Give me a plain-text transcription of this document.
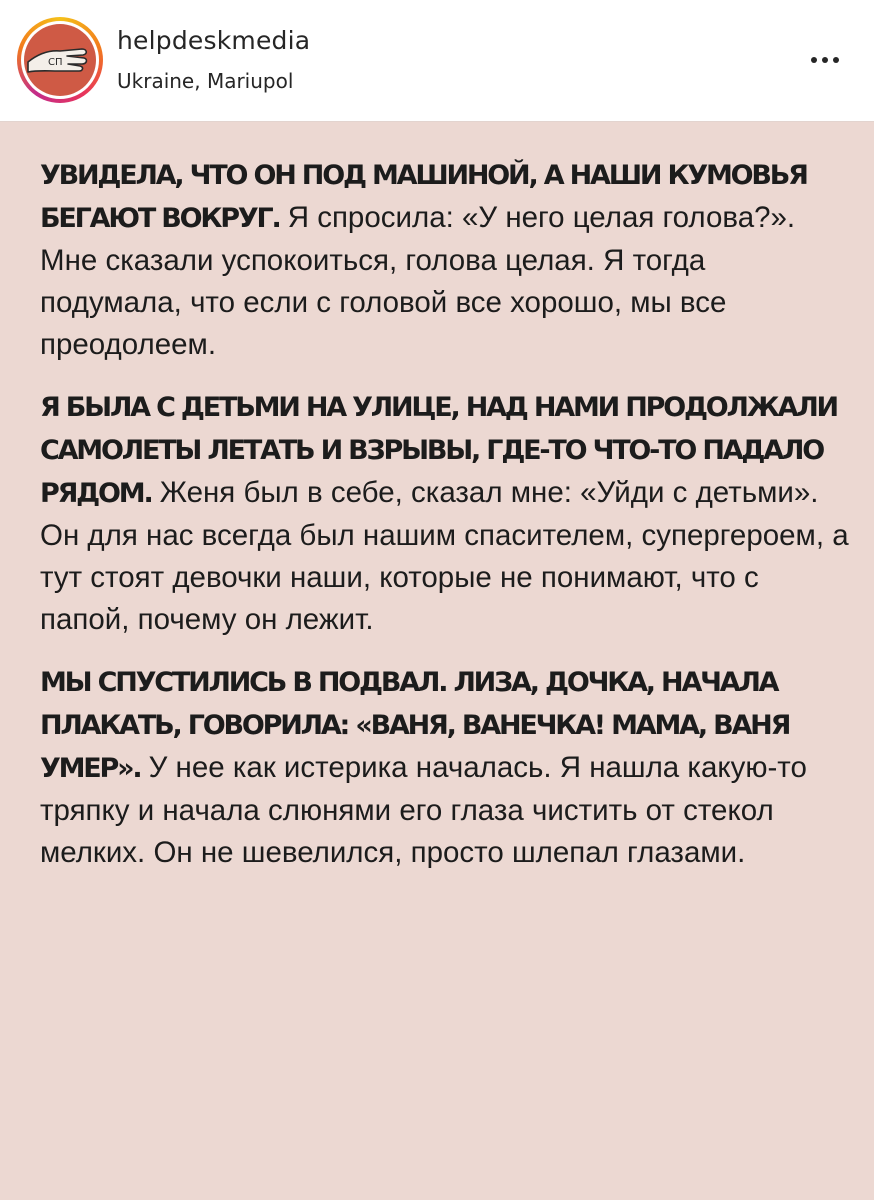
СП
helpdeskmedia
Ukraine, Mariupol

УВИДЕЛА, ЧТО ОН ПОД МАШИНОЙ, А НАШИ КУМОВЬЯ БЕГАЮТ ВОКРУГ. Я спросила: «У него целая голова?». Мне сказали успокоиться, голова целая. Я тогда подумала, что если с головой все хорошо, мы все преодолеем.

Я БЫЛА С ДЕТЬМИ НА УЛИЦЕ, НАД НАМИ ПРОДОЛЖАЛИ САМОЛЕТЫ ЛЕТАТЬ И ВЗРЫВЫ, ГДЕ-ТО ЧТО-ТО ПАДАЛО РЯДОМ. Женя был в себе, сказал мне: «Уйди с детьми». Он для нас всегда был нашим спасителем, супергероем, а тут стоят девочки наши, которые не понимают, что с папой, почему он лежит.

МЫ СПУСТИЛИСЬ В ПОДВАЛ. ЛИЗА, ДОЧКА, НАЧАЛА ПЛАКАТЬ, ГОВОРИЛА: «ВАНЯ, ВАНЕЧКА! МАМА, ВАНЯ УМЕР». У нее как истерика началась. Я нашла какую-то тряпку и начала слюнями его глаза чистить от стекол мелких. Он не шевелился, просто шлепал глазами.
